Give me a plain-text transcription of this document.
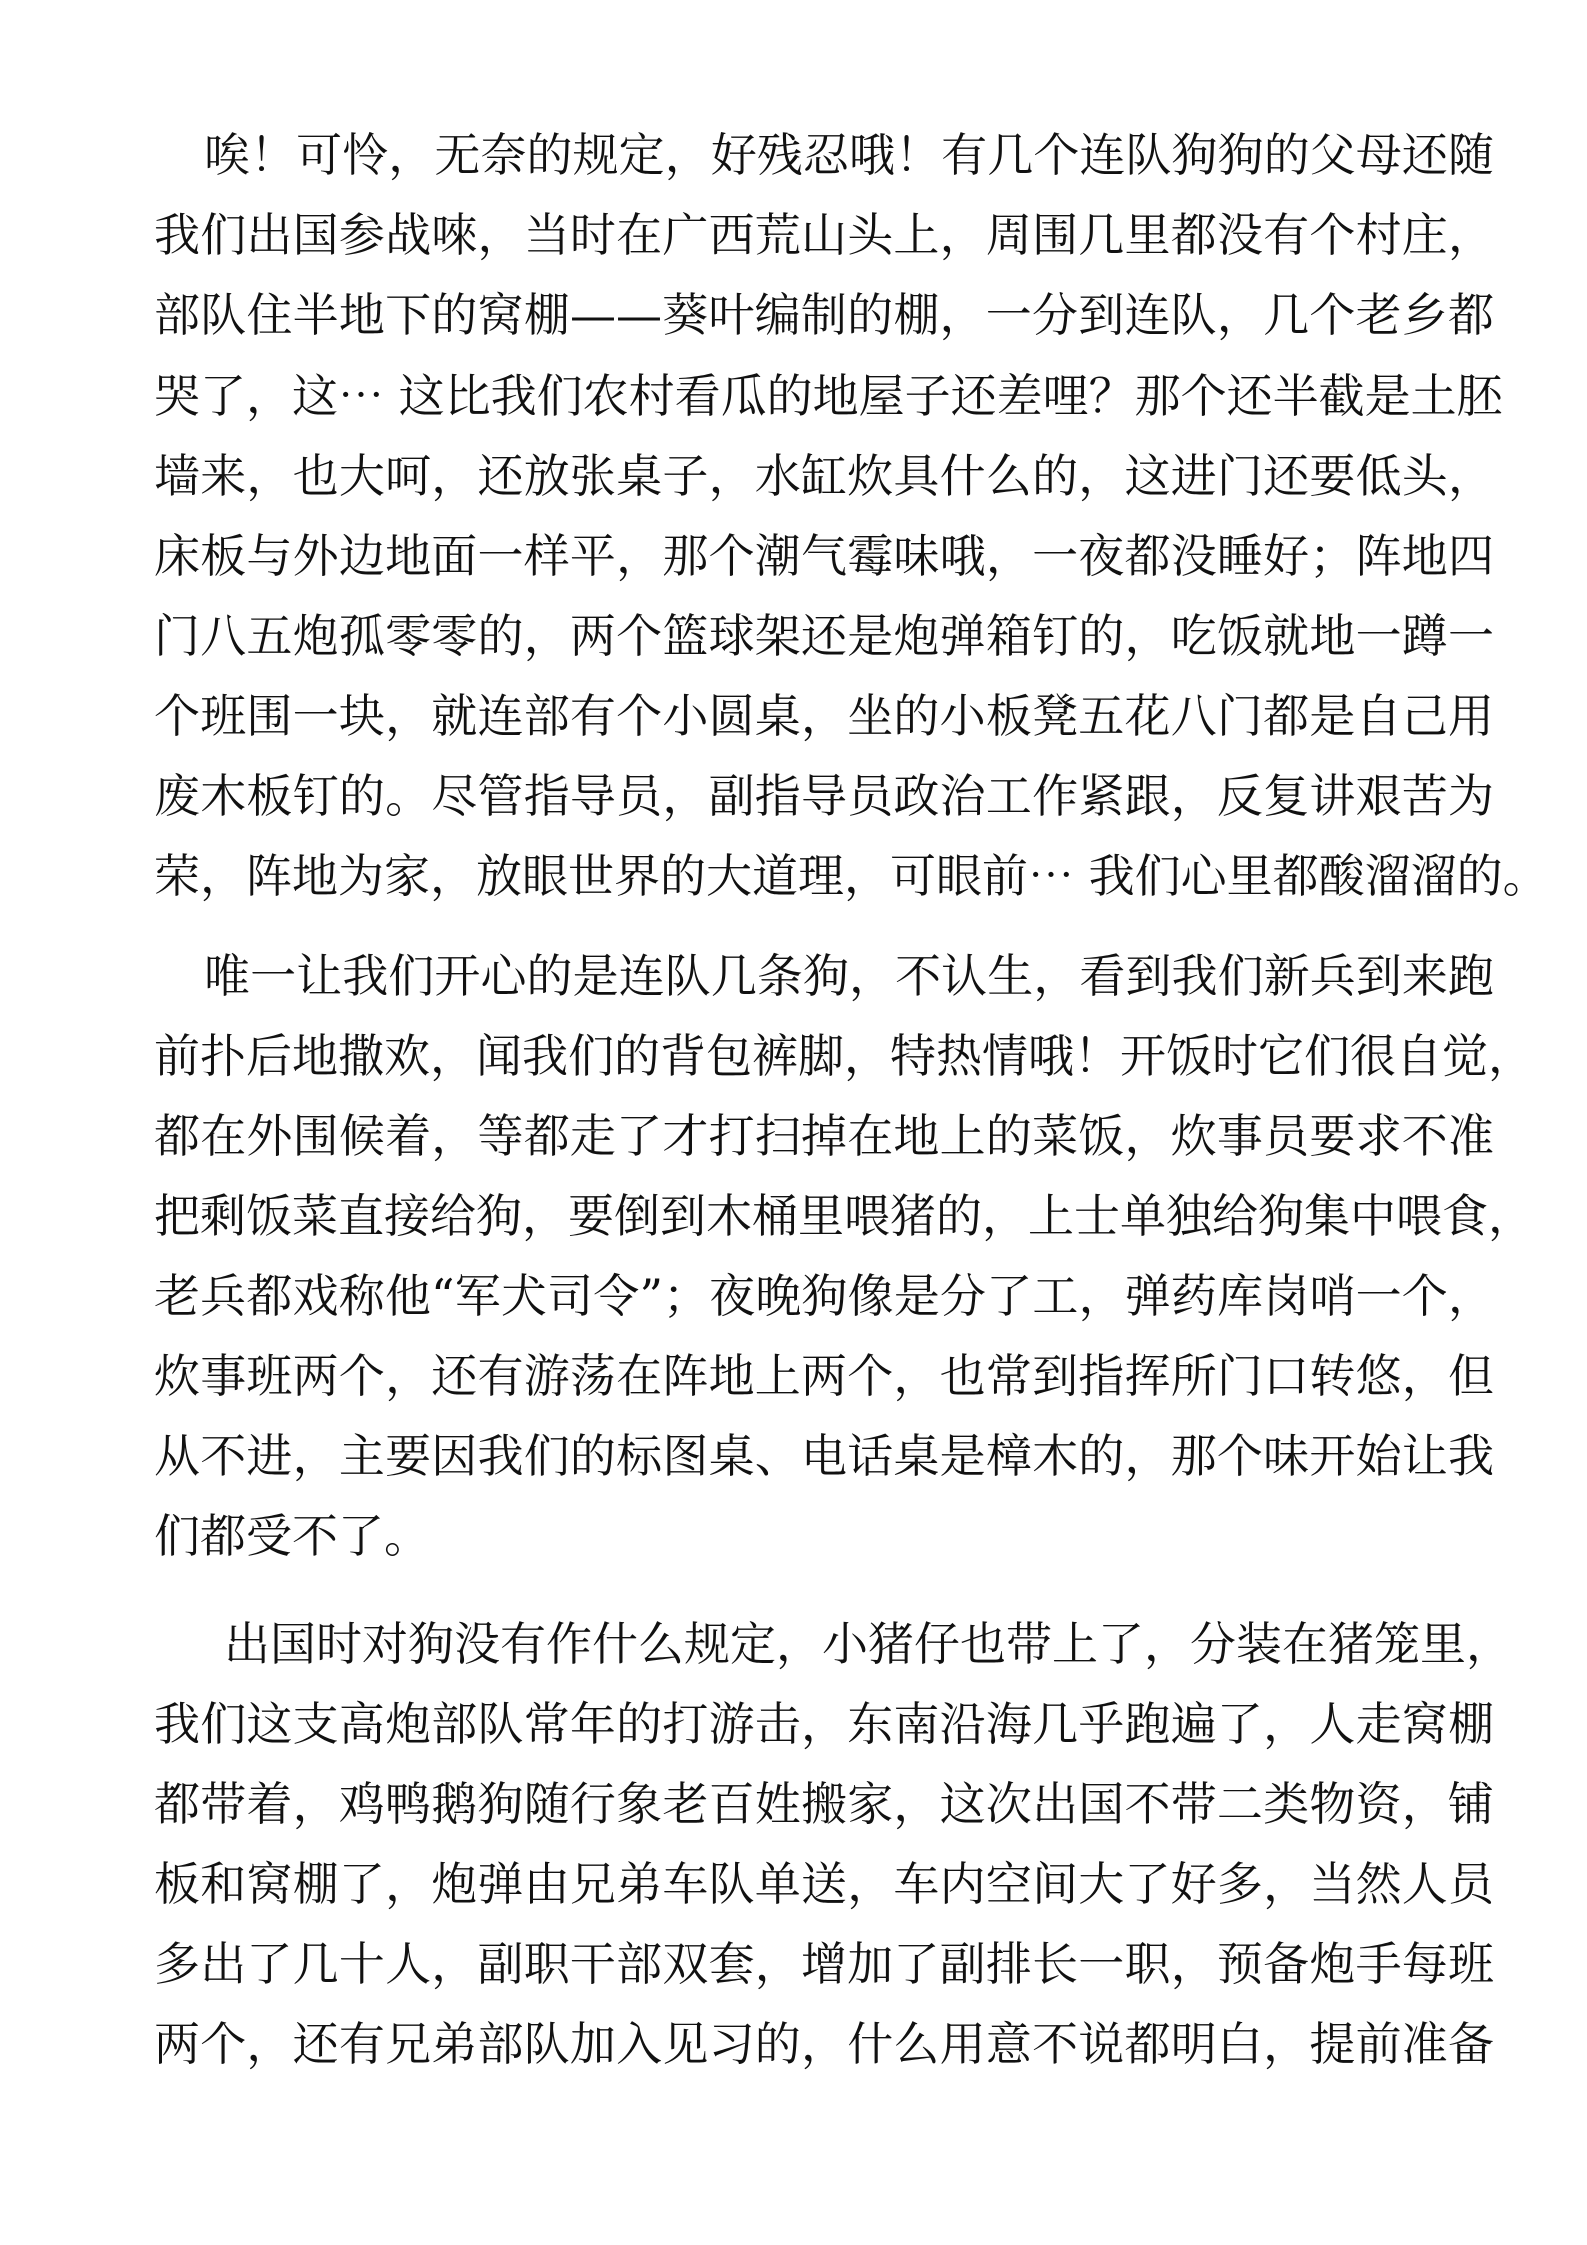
唉！可怜，无奈的规定，好残忍哦！有几个连队狗狗的父母还随
我们出国参战唻，当时在广西荒山头上，周围几里都没有个村庄，
部队住半地下的窝棚——葵叶编制的棚，一分到连队，几个老乡都
哭了，这⋯ 这比我们农村看瓜的地屋子还差哩？那个还半截是土胚
墙来，也大呵，还放张桌子，水缸炊具什么的，这进门还要低头，
床板与外边地面一样平，那个潮气霉味哦，一夜都没睡好；阵地四
门八五炮孤零零的，两个篮球架还是炮弹箱钉的，吃饭就地一蹲一
个班围一块，就连部有个小圆桌，坐的小板凳五花八门都是自己用
废木板钉的。尽管指导员，副指导员政治工作紧跟，反复讲艰苦为
荣，阵地为家，放眼世界的大道理，可眼前⋯ 我们心里都酸溜溜的。
唯一让我们开心的是连队几条狗，不认生，看到我们新兵到来跑
前扑后地撒欢，闻我们的背包裤脚，特热情哦！开饭时它们很自觉，
都在外围候着，等都走了才打扫掉在地上的菜饭，炊事员要求不准
把剩饭菜直接给狗，要倒到木桶里喂猪的，上士单独给狗集中喂食，
老兵都戏称他“军犬司令”；夜晚狗像是分了工，弹药库岗哨一个，
炊事班两个，还有游荡在阵地上两个，也常到指挥所门口转悠，但
从不进，主要因我们的标图桌、电话桌是樟木的，那个味开始让我
们都受不了。
出国时对狗没有作什么规定，小猪仔也带上了，分装在猪笼里，
我们这支高炮部队常年的打游击，东南沿海几乎跑遍了，人走窝棚
都带着，鸡鸭鹅狗随行象老百姓搬家，这次出国不带二类物资，铺
板和窝棚了，炮弹由兄弟车队单送，车内空间大了好多，当然人员
多出了几十人，副职干部双套，增加了副排长一职，预备炮手每班
两个，还有兄弟部队加入见习的，什么用意不说都明白，提前准备
